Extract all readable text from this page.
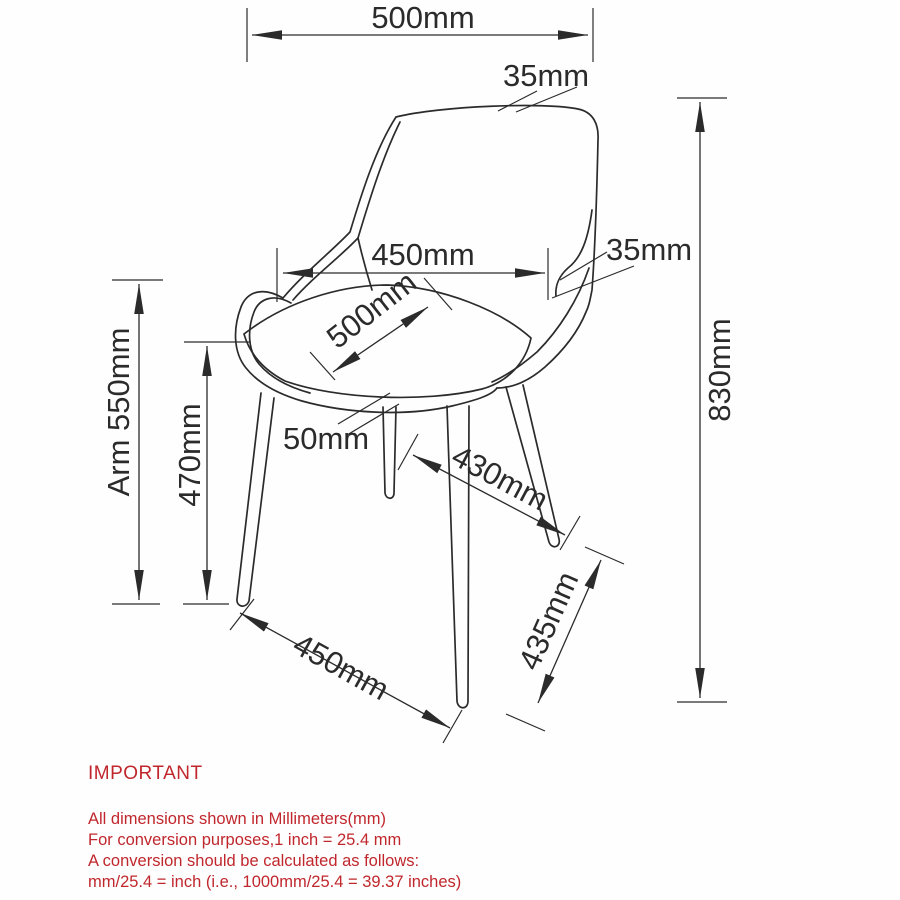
500mm
35mm
450mm	35mm
500mm
50mm 430mm
Arm 550mm 470mm
830mm
450mm	435mm

IMPORTANT

All dimensions shown in Millimeters(mm)

For conversion purposes,1 inch = 25.4 mm

A conversion should be calculated as follows:

mm/25.4 = inch (i.e., 1000mm/25.4 = 39.37 inches)
